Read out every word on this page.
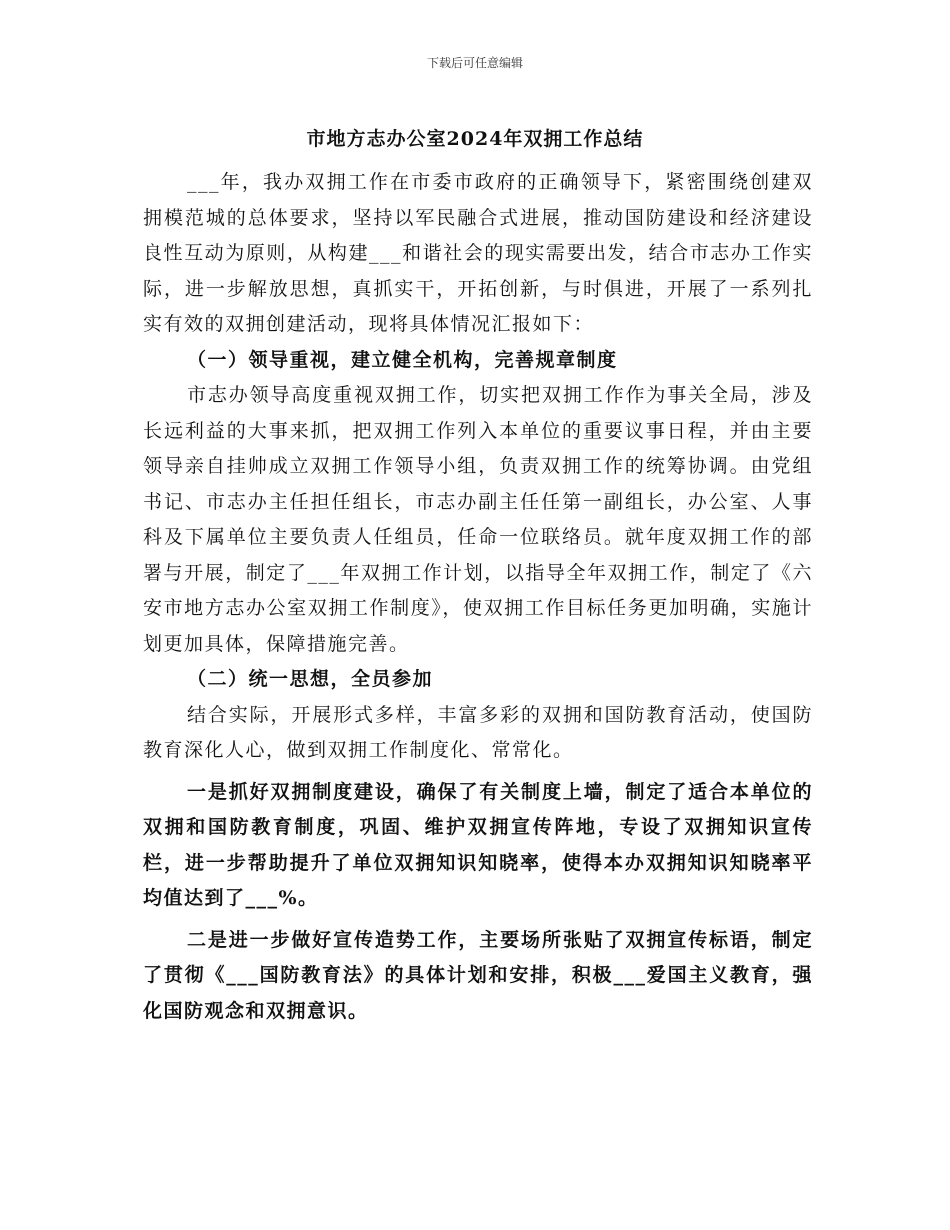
下载后可任意编辑
市地方志办公室2024年双拥工作总结

___年，我办双拥工作在市委市政府的正确领导下，紧密围绕创建双拥模范城的总体要求，坚持以军民融合式进展，推动国防建设和经济建设良性互动为原则，从构建___和谐社会的现实需要出发，结合市志办工作实际，进一步解放思想，真抓实干，开拓创新，与时俱进，开展了一系列扎实有效的双拥创建活动，现将具体情况汇报如下：

（一）领导重视，建立健全机构，完善规章制度

市志办领导高度重视双拥工作，切实把双拥工作作为事关全局，涉及长远利益的大事来抓，把双拥工作列入本单位的重要议事日程，并由主要领导亲自挂帅成立双拥工作领导小组，负责双拥工作的统筹协调。由党组书记、市志办主任担任组长，市志办副主任任第一副组长，办公室、人事科及下属单位主要负责人任组员，任命一位联络员。就年度双拥工作的部署与开展，制定了___年双拥工作计划，以指导全年双拥工作，制定了《六安市地方志办公室双拥工作制度》，使双拥工作目标任务更加明确，实施计划更加具体，保障措施完善。

（二）统一思想，全员参加

结合实际，开展形式多样，丰富多彩的双拥和国防教育活动，使国防教育深化人心，做到双拥工作制度化、常常化。

一是抓好双拥制度建设，确保了有关制度上墙，制定了适合本单位的双拥和国防教育制度，巩固、维护双拥宣传阵地，专设了双拥知识宣传栏，进一步帮助提升了单位双拥知识知晓率，使得本办双拥知识知晓率平均值达到了___%。

二是进一步做好宣传造势工作，主要场所张贴了双拥宣传标语，制定了贯彻《___国防教育法》的具体计划和安排，积极___爱国主义教育，强化国防观念和双拥意识。
